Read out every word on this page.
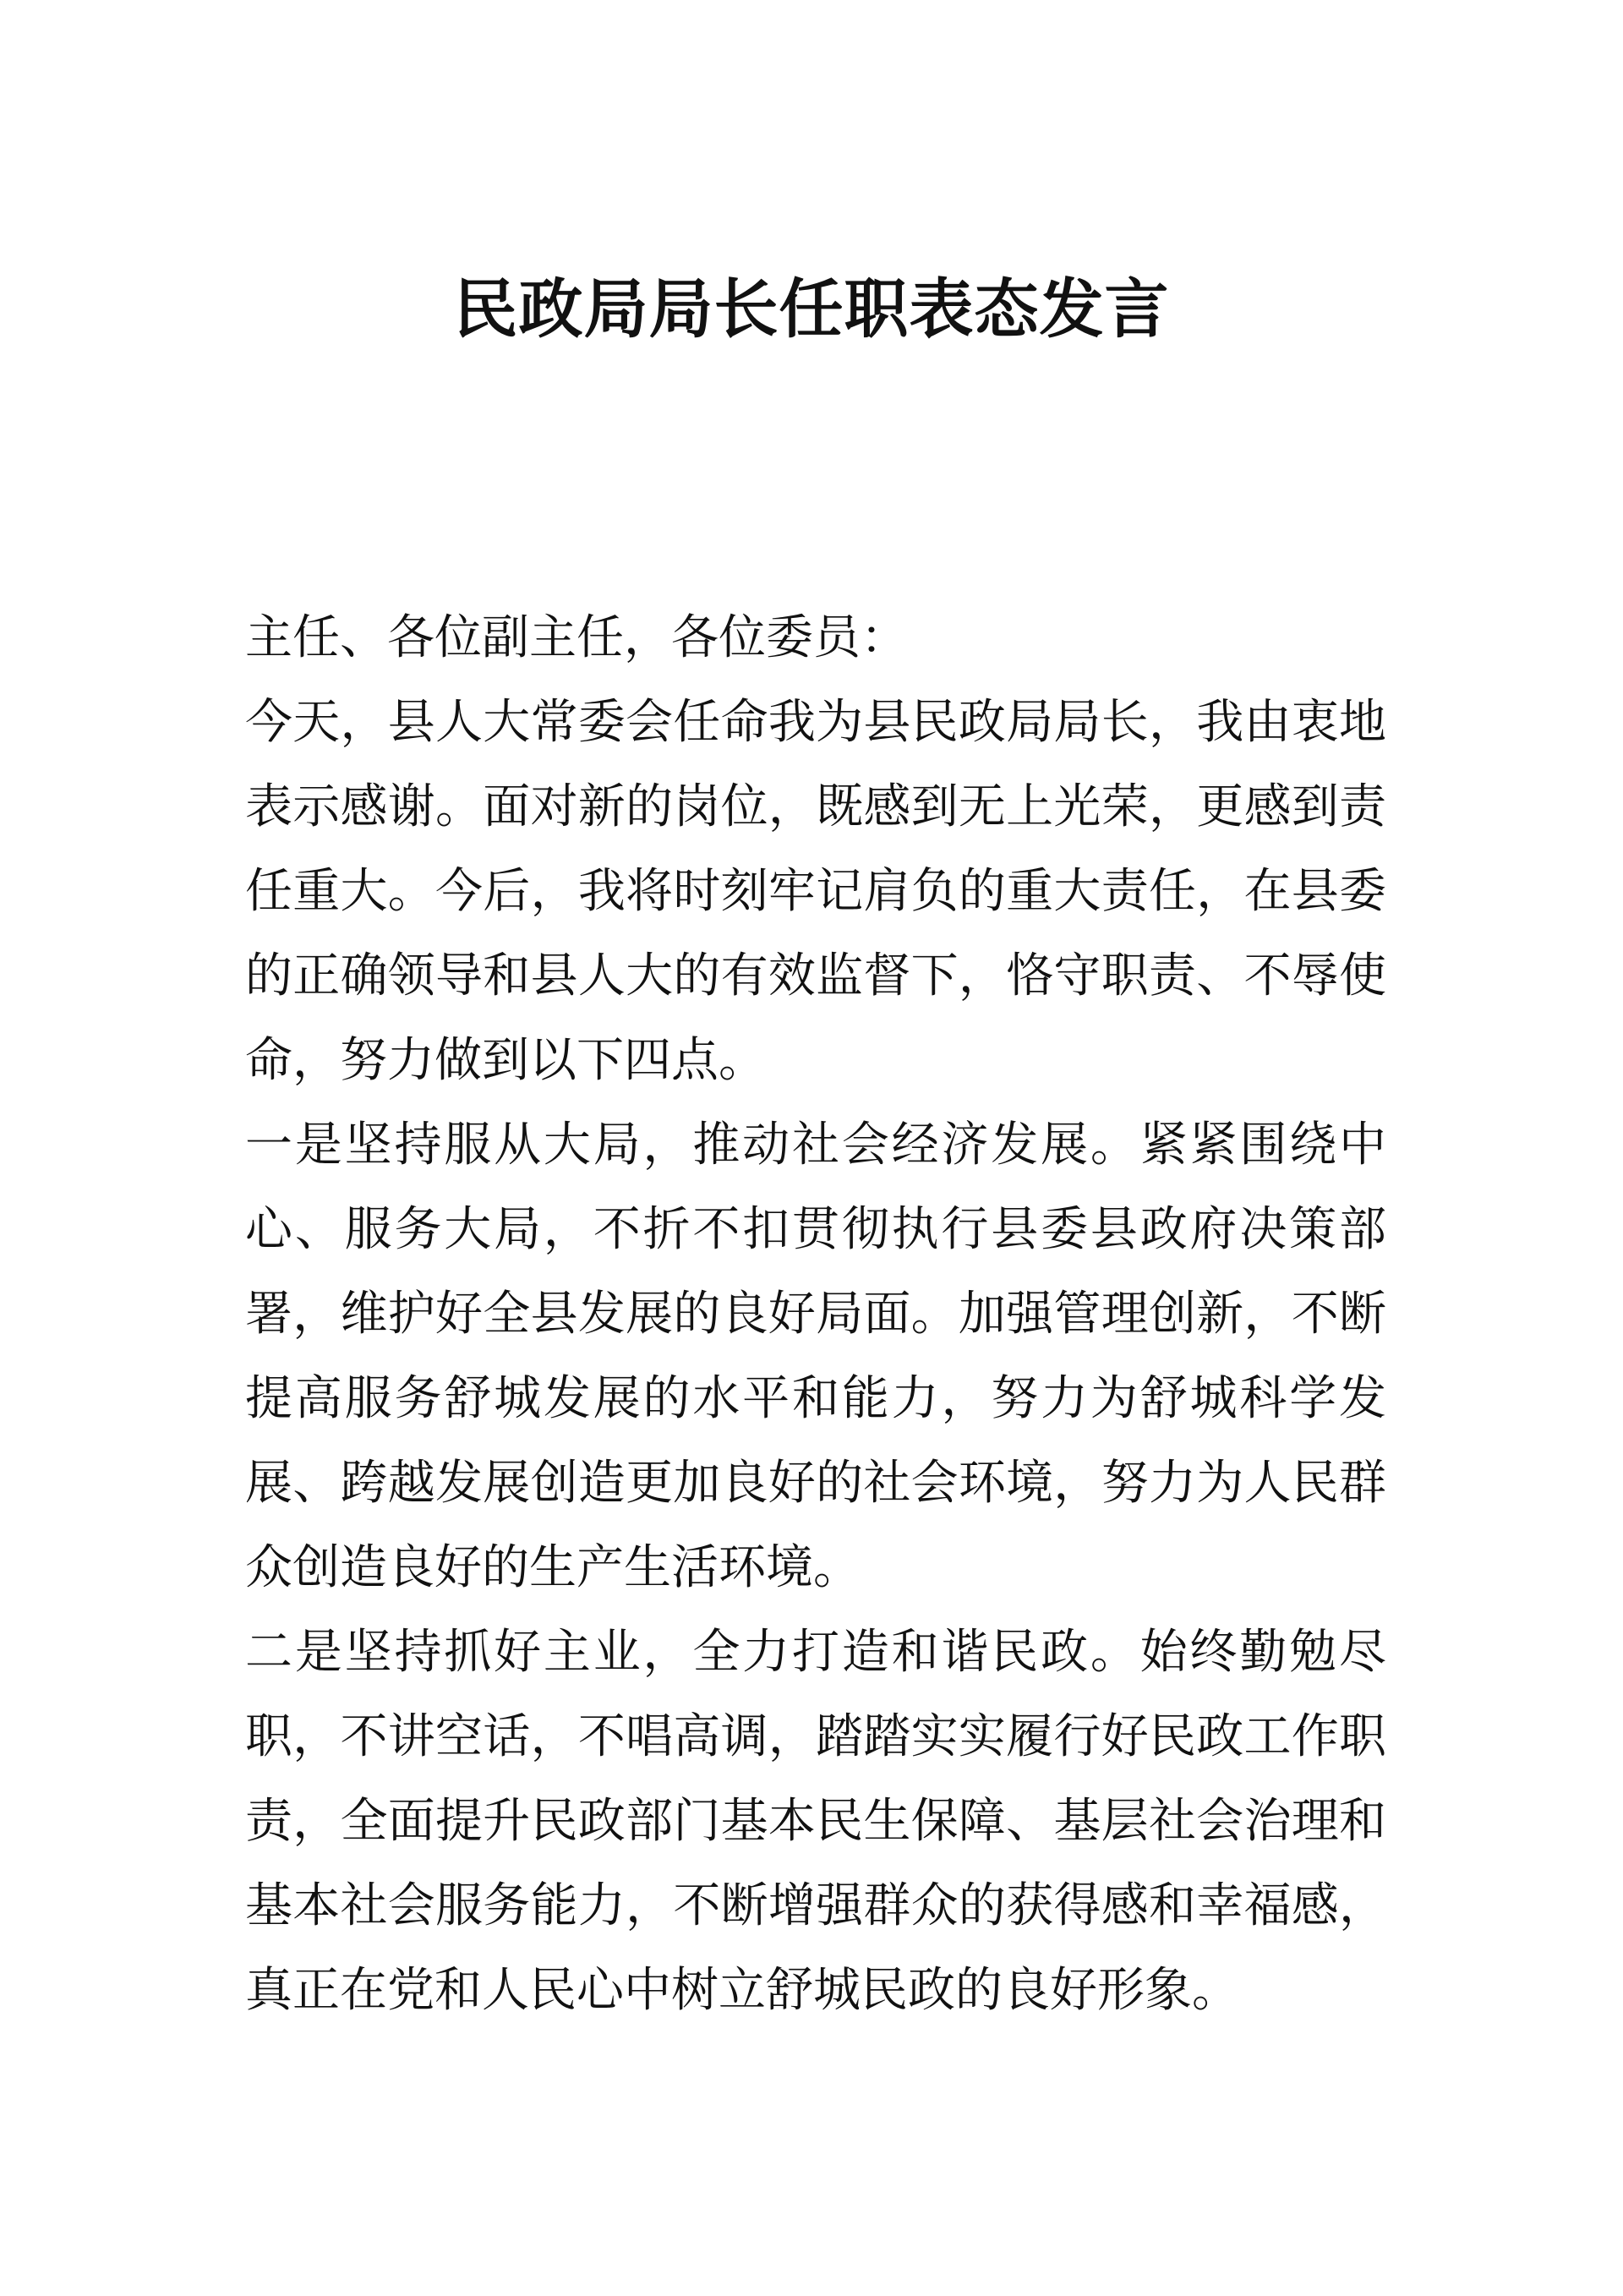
民政局局长任职表态发言

主任、各位副主任，各位委员：

今天，县人大常委会任命我为县民政局局长，我由衷地表示感谢。面对新的岗位，既感到无上光荣，更感到责任重大。今后，我将时刻牢记肩负的重大责任，在县委的正确领导和县人大的有效监督下，恪守职责、不辱使命，努力做到以下四点。

一是坚持服从大局，推动社会经济发展。紧紧围绕中心、服务大局，不折不扣贯彻执行县委县政府决策部署，维护好全县发展的良好局面。加强管理创新，不断提高服务舒城发展的水平和能力，努力为舒城科学发展、跨越发展创造更加良好的社会环境，努力为人民群众创造良好的生产生活环境。

二是坚持抓好主业，全力打造和谐民政。始终勤勉尽职，不讲空话，不唱高调，踏踏实实履行好民政工作职责，全面提升民政部门基本民生保障、基层社会治理和基本社会服务能力，不断增强群众的获得感和幸福感，真正在党和人民心中树立舒城民政的良好形象。
